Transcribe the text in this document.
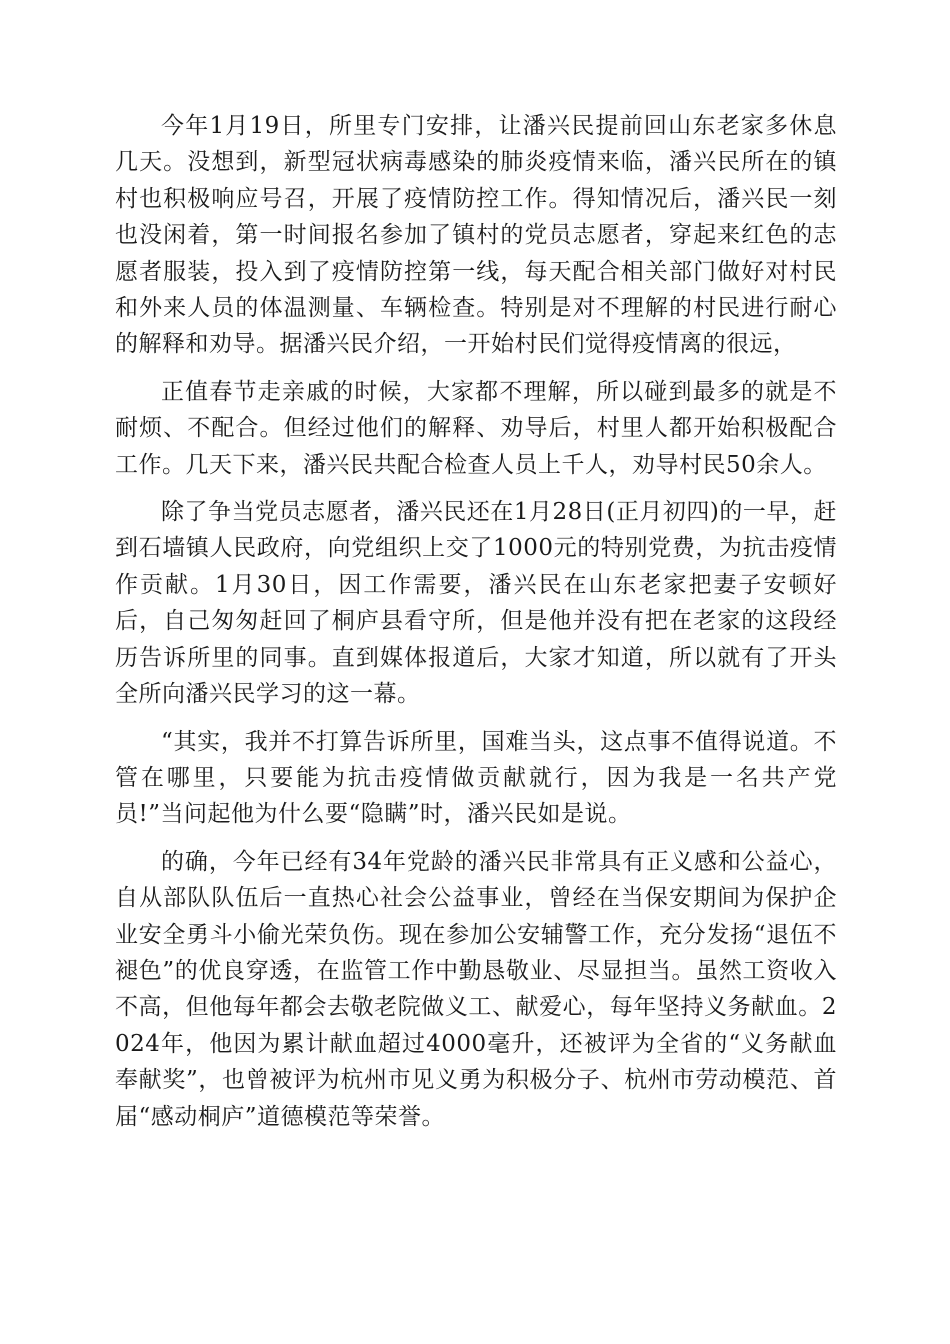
今年1月19日，所里专门安排，让潘兴民提前回山东老家多休息几天。没想到，新型冠状病毒感染的肺炎疫情来临，潘兴民所在的镇村也积极响应号召，开展了疫情防控工作。得知情况后，潘兴民一刻也没闲着，第一时间报名参加了镇村的党员志愿者，穿起来红色的志愿者服装，投入到了疫情防控第一线，每天配合相关部门做好对村民和外来人员的体温测量、车辆检查。特别是对不理解的村民进行耐心的解释和劝导。据潘兴民介绍，一开始村民们觉得疫情离的很远，

正值春节走亲戚的时候，大家都不理解，所以碰到最多的就是不耐烦、不配合。但经过他们的解释、劝导后，村里人都开始积极配合工作。几天下来，潘兴民共配合检查人员上千人，劝导村民50余人。

除了争当党员志愿者，潘兴民还在1月28日(正月初四)的一早，赶到石墙镇人民政府，向党组织上交了1000元的特别党费，为抗击疫情作贡献。1月30日，因工作需要，潘兴民在山东老家把妻子安顿好后，自己匆匆赶回了桐庐县看守所，但是他并没有把在老家的这段经历告诉所里的同事。直到媒体报道后，大家才知道，所以就有了开头全所向潘兴民学习的这一幕。

“其实，我并不打算告诉所里，国难当头，这点事不值得说道。不管在哪里，只要能为抗击疫情做贡献就行，因为我是一名共产党员!”当问起他为什么要“隐瞒”时，潘兴民如是说。

的确，今年已经有34年党龄的潘兴民非常具有正义感和公益心，自从部队队伍后一直热心社会公益事业，曾经在当保安期间为保护企业安全勇斗小偷光荣负伤。现在参加公安辅警工作，充分发扬“退伍不褪色”的优良穿透，在监管工作中勤恳敬业、尽显担当。虽然工资收入不高，但他每年都会去敬老院做义工、献爱心，每年坚持义务献血。2024年，他因为累计献血超过4000毫升，还被评为全省的“义务献血奉献奖”，也曾被评为杭州市见义勇为积极分子、杭州市劳动模范、首届“感动桐庐”道德模范等荣誉。
